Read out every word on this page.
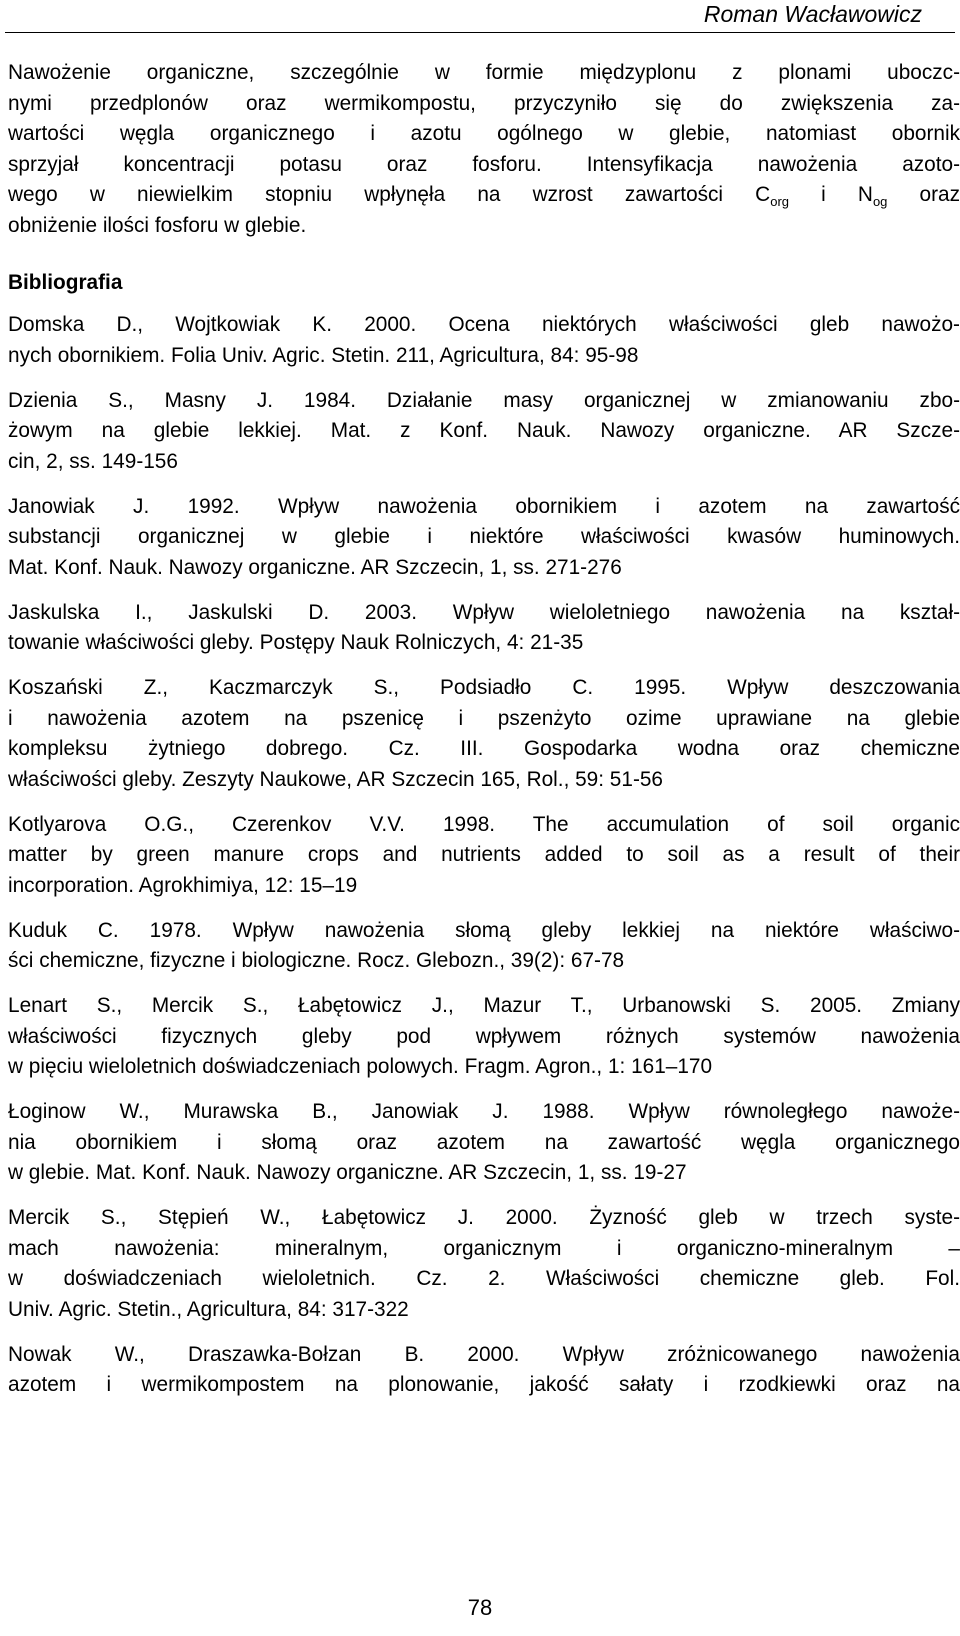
Roman Wacławowicz
Nawożenie organiczne, szczególnie w formie międzyplonu z plonami uboczc-
nymi przedplonów oraz wermikompostu, przyczyniło się do zwiększenia za-
wartości węgla organicznego i azotu ogólnego w glebie, natomiast obornik
sprzyjał koncentracji potasu oraz fosforu. Intensyfikacja nawożenia azoto-
wego w niewielkim stopniu wpłynęła na wzrost zawartości $C_{org}$ i $N_{og}$ oraz
obniżenie ilości fosforu w glebie.
Bibliografia
Domska D., Wojtkowiak K. 2000. Ocena niektórych właściwości gleb nawożo-
nych obornikiem. Folia Univ. Agric. Stetin. 211, Agricultura, 84: 95-98
Dzienia S., Masny J. 1984. Działanie masy organicznej w zmianowaniu zbo-
żowym na glebie lekkiej. Mat. z Konf. Nauk. Nawozy organiczne. AR Szcze-
cin, 2, ss. 149-156
Janowiak J. 1992. Wpływ nawożenia obornikiem i azotem na zawartość
substancji organicznej w glebie i niektóre właściwości kwasów huminowych.
Mat. Konf. Nauk. Nawozy organiczne. AR Szczecin, 1, ss. 271-276
Jaskulska I., Jaskulski D. 2003. Wpływ wieloletniego nawożenia na kształ-
towanie właściwości gleby. Postępy Nauk Rolniczych, 4: 21-35
Koszański Z., Kaczmarczyk S., Podsiadło C. 1995. Wpływ deszczowania
i nawożenia azotem na pszenicę i pszenżyto ozime uprawiane na glebie
kompleksu żytniego dobrego. Cz. III. Gospodarka wodna oraz chemiczne
właściwości gleby. Zeszyty Naukowe, AR Szczecin 165, Rol., 59: 51-56
Kotlyarova O.G., Czerenkov V.V. 1998. The accumulation of soil organic
matter by green manure crops and nutrients added to soil as a result of their
incorporation. Agrokhimiya, 12: 15–19
Kuduk C. 1978. Wpływ nawożenia słomą gleby lekkiej na niektóre właściwo-
ści chemiczne, fizyczne i biologiczne. Rocz. Glebozn., 39(2): 67-78
Lenart S., Mercik S., Łabętowicz J., Mazur T., Urbanowski S. 2005. Zmiany
właściwości fizycznych gleby pod wpływem różnych systemów nawożenia
w pięciu wieloletnich doświadczeniach polowych. Fragm. Agron., 1: 161–170
Łoginow W., Murawska B., Janowiak J. 1988. Wpływ równoległego nawoże-
nia obornikiem i słomą oraz azotem na zawartość węgla organicznego
w glebie. Mat. Konf. Nauk. Nawozy organiczne. AR Szczecin, 1, ss. 19-27
Mercik S., Stępień W., Łabętowicz J. 2000. Żyzność gleb w trzech syste-
mach nawożenia: mineralnym, organicznym i organiczno-mineralnym –
w doświadczeniach wieloletnich. Cz. 2. Właściwości chemiczne gleb. Fol.
Univ. Agric. Stetin., Agricultura, 84: 317-322
Nowak W., Draszawka-Bołzan B. 2000. Wpływ zróżnicowanego nawożenia
azotem i wermikompostem na plonowanie, jakość sałaty i rzodkiewki oraz na
78
